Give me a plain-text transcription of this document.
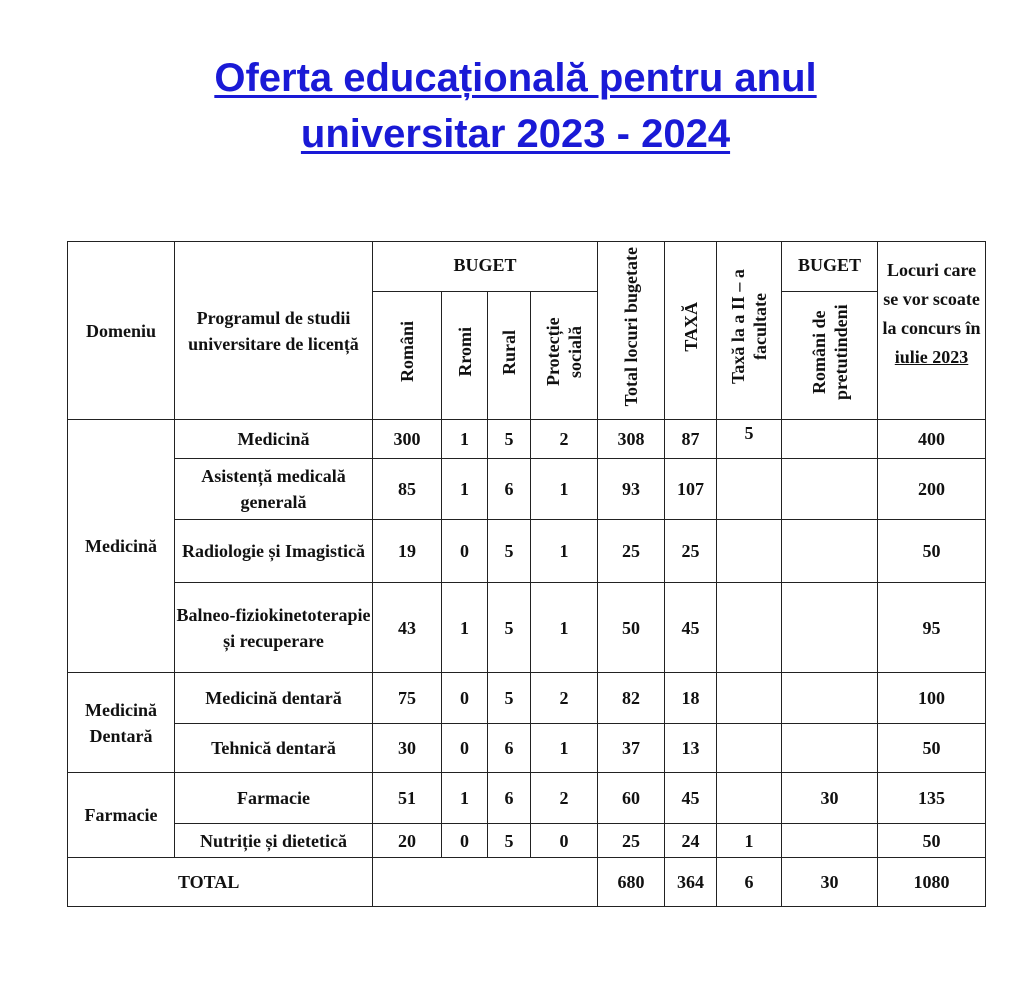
Oferta educațională pentru anul
universitar 2023 - 2024
Domeniu	Programul de studii universitare de licență	BUGET				Total locuri bugetate	TAXĂ	Taxă la a II – a facultate	BUGET	Locuri care se vor scoate la concurs în iulie 2023
		Români	Rromi	Rural	Protecție socială				Români de pretutindeni	
Medicină	Medicină	300	1	5	2	308	87	5		400
	Asistență medicală generală	85	1	6	1	93	107			200
	Radiologie și Imagistică	19	0	5	1	25	25			50
	Balneo-fiziokinetoterapie și recuperare	43	1	5	1	50	45			95
Medicină Dentară	Medicină dentară	75	0	5	2	82	18			100
	Tehnică dentară	30	0	6	1	37	13			50
Farmacie	Farmacie	51	1	6	2	60	45		30	135
	Nutriție și dietetică	20	0	5	0	25	24	1		50
TOTAL						680	364	6	30	1080
